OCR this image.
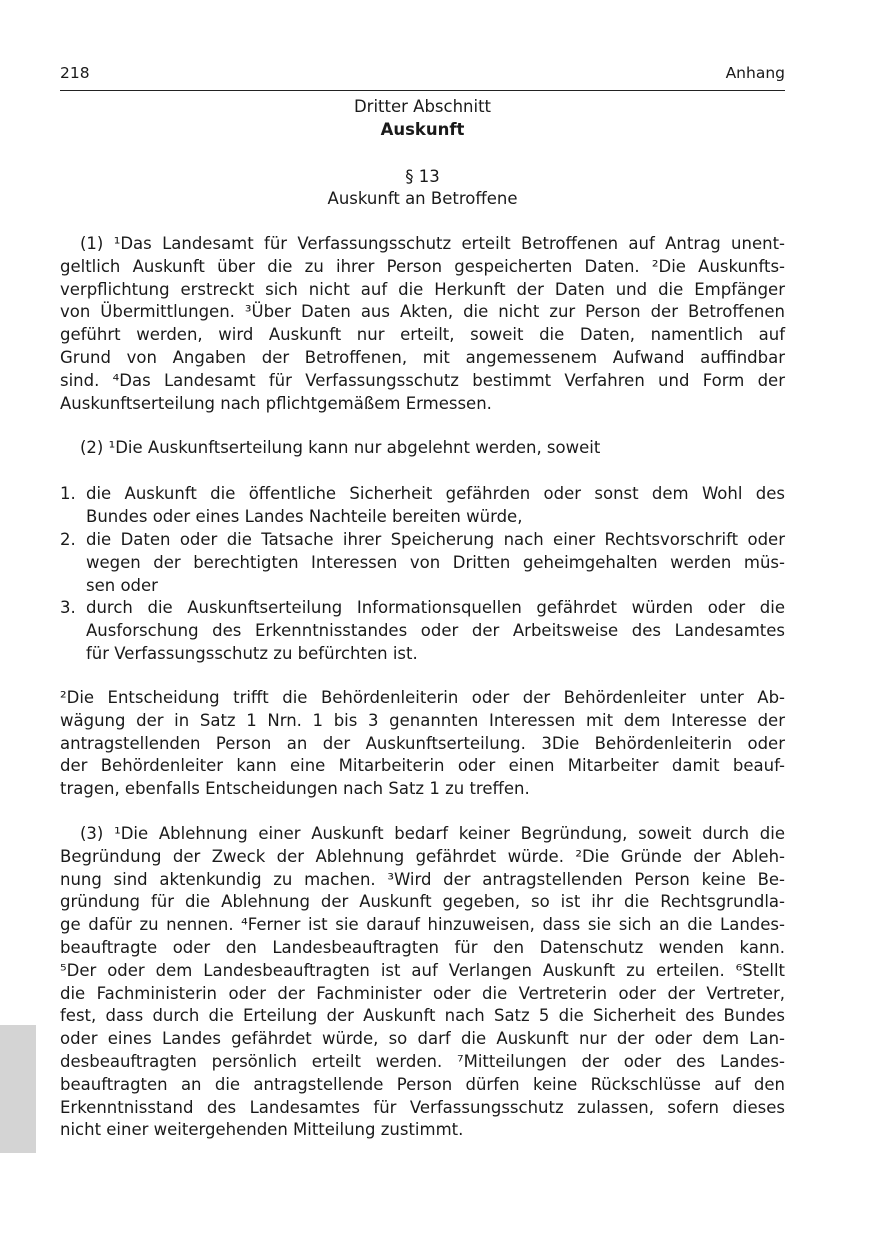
218	Anhang
Dritter Abschnitt
Auskunft
§ 13
Auskunft an Betroffene
(1) ¹Das Landesamt für Verfassungsschutz erteilt Betroffenen auf Antrag unent-
geltlich Auskunft über die zu ihrer Person gespeicherten Daten. ²Die Auskunfts-
verpflichtung erstreckt sich nicht auf die Herkunft der Daten und die Empfänger
von Übermittlungen. ³Über Daten aus Akten, die nicht zur Person der Betroffenen
geführt werden, wird Auskunft nur erteilt, soweit die Daten, namentlich auf
Grund von Angaben der Betroffenen, mit angemessenem Aufwand auffindbar
sind. ⁴Das Landesamt für Verfassungsschutz bestimmt Verfahren und Form der
Auskunftserteilung nach pflichtgemäßem Ermessen.
(2) ¹Die Auskunftserteilung kann nur abgelehnt werden, soweit
1. die Auskunft die öffentliche Sicherheit gefährden oder sonst dem Wohl des
Bundes oder eines Landes Nachteile bereiten würde,
2. die Daten oder die Tatsache ihrer Speicherung nach einer Rechtsvorschrift oder
wegen der berechtigten Interessen von Dritten geheimgehalten werden müs-
sen oder
3. durch die Auskunftserteilung Informationsquellen gefährdet würden oder die
Ausforschung des Erkenntnisstandes oder der Arbeitsweise des Landesamtes
für Verfassungsschutz zu befürchten ist.
²Die Entscheidung trifft die Behördenleiterin oder der Behördenleiter unter Ab-
wägung der in Satz 1 Nrn. 1 bis 3 genannten Interessen mit dem Interesse der
antragstellenden Person an der Auskunftserteilung. 3Die Behördenleiterin oder
der Behördenleiter kann eine Mitarbeiterin oder einen Mitarbeiter damit beauf-
tragen, ebenfalls Entscheidungen nach Satz 1 zu treffen.
(3) ¹Die Ablehnung einer Auskunft bedarf keiner Begründung, soweit durch die
Begründung der Zweck der Ablehnung gefährdet würde. ²Die Gründe der Ableh-
nung sind aktenkundig zu machen. ³Wird der antragstellenden Person keine Be-
gründung für die Ablehnung der Auskunft gegeben, so ist ihr die Rechtsgrundla-
ge dafür zu nennen. ⁴Ferner ist sie darauf hinzuweisen, dass sie sich an die Landes-
beauftragte oder den Landesbeauftragten für den Datenschutz wenden kann.
⁵Der oder dem Landesbeauftragten ist auf Verlangen Auskunft zu erteilen. ⁶Stellt
die Fachministerin oder der Fachminister oder die Vertreterin oder der Vertreter,
fest, dass durch die Erteilung der Auskunft nach Satz 5 die Sicherheit des Bundes
oder eines Landes gefährdet würde, so darf die Auskunft nur der oder dem Lan-
desbeauftragten persönlich erteilt werden. ⁷Mitteilungen der oder des Landes-
beauftragten an die antragstellende Person dürfen keine Rückschlüsse auf den
Erkenntnisstand des Landesamtes für Verfassungsschutz zulassen, sofern dieses
nicht einer weitergehenden Mitteilung zustimmt.
